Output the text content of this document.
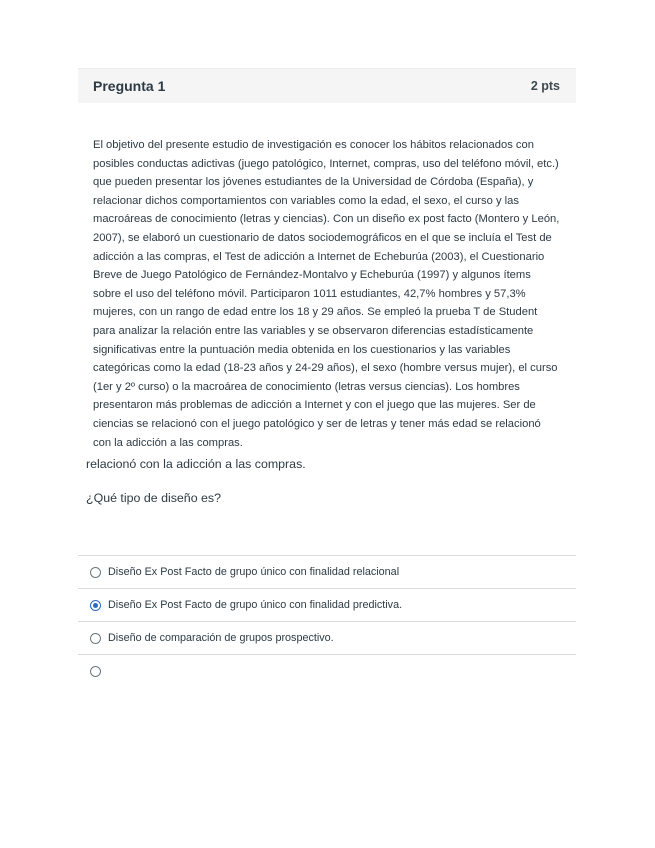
Pregunta 1	2 pts

El objetivo del presente estudio de investigación es conocer los hábitos relacionados con posibles conductas adictivas (juego patológico, Internet, compras, uso del teléfono móvil, etc.) que pueden presentar los jóvenes estudiantes de la Universidad de Córdoba (España), y relacionar dichos comportamientos con variables como la edad, el sexo, el curso y las macroáreas de conocimiento (letras y ciencias). Con un diseño ex post facto (Montero y León, 2007), se elaboró un cuestionario de datos sociodemográficos en el que se incluía el Test de adicción a las compras, el Test de adicción a Internet de Echeburúa (2003), el Cuestionario Breve de Juego Patológico de Fernández-Montalvo y Echeburúa (1997) y algunos ítems sobre el uso del teléfono móvil. Participaron 1011 estudiantes, 42,7% hombres y 57,3% mujeres, con un rango de edad entre los 18 y 29 años. Se empleó la prueba T de Student para analizar la relación entre las variables y se observaron diferencias estadísticamente significativas entre la puntuación media obtenida en los cuestionarios y las variables categóricas como la edad (18-23 años y 24-29 años), el sexo (hombre versus mujer), el curso (1er y 2º curso) o la macroárea de conocimiento (letras versus ciencias). Los hombres presentaron más problemas de adicción a Internet y con el juego que las mujeres. Ser de ciencias se relacionó con el juego patológico y ser de letras y tener más edad se relacionó con la adicción a las compras.

relacionó con la adicción a las compras.
¿Qué tipo de diseño es?
Diseño Ex Post Facto de grupo único con finalidad relacional
Diseño Ex Post Facto de grupo único con finalidad predictiva.
Diseño de comparación de grupos prospectivo.
